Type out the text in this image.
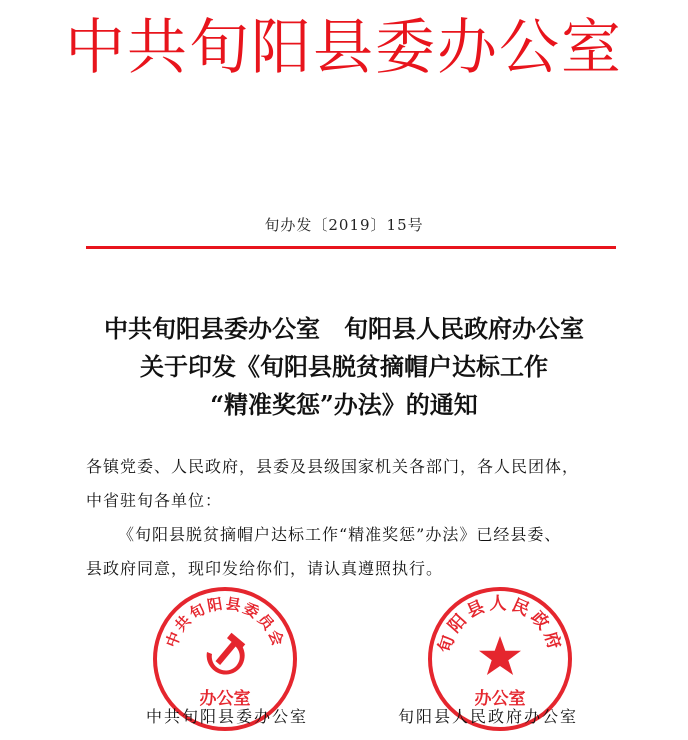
中共旬阳县委办公室
旬办发〔2019〕15号
中共旬阳县委办公室　旬阳县人民政府办公室
关于印发《旬阳县脱贫摘帽户达标工作
“精准奖惩”办法》的通知

各镇党委、人民政府，县委及县级国家机关各部门，各人民团体，

中省驻旬各单位：

《旬阳县脱贫摘帽户达标工作“精准奖惩”办法》已经县委、

县政府同意，现印发给你们，请认真遵照执行。

中共旬阳县委员会
办公室
旬阳县人民政府
办公室
中共旬阳县委办公室	旬阳县人民政府办公室
